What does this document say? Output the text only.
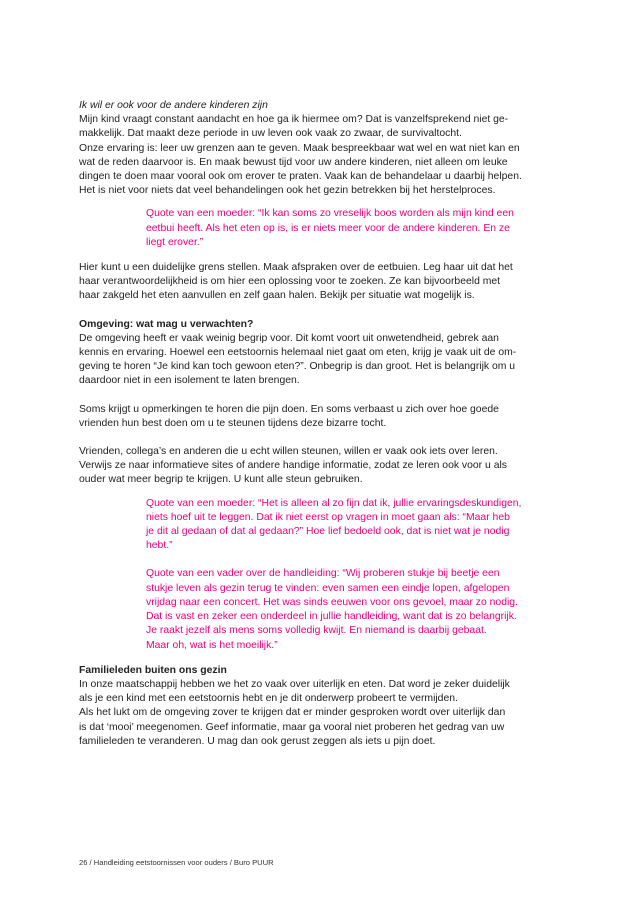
Ik wil er ook voor de andere kinderen zijn
Mijn kind vraagt constant aandacht en hoe ga ik hiermee om? Dat is vanzelfsprekend niet ge-
makkelijk. Dat maakt deze periode in uw leven ook vaak zo zwaar, de survivaltocht.
Onze ervaring is: leer uw grenzen aan te geven. Maak bespreekbaar wat wel en wat niet kan en
wat de reden daarvoor is. En maak bewust tijd voor uw andere kinderen, niet alleen om leuke
dingen te doen maar vooral ook om erover te praten. Vaak kan de behandelaar u daarbij helpen.
Het is niet voor niets dat veel behandelingen ook het gezin betrekken bij het herstelproces.
Quote van een moeder: “Ik kan soms zo vreselijk boos worden als mijn kind een
eetbui heeft. Als het eten op is, is er niets meer voor de andere kinderen. En ze
liegt erover.”
Hier kunt u een duidelijke grens stellen. Maak afspraken over de eetbuien. Leg haar uit dat het
haar verantwoordelijkheid is om hier een oplossing voor te zoeken. Ze kan bijvoorbeeld met
haar zakgeld het eten aanvullen en zelf gaan halen. Bekijk per situatie wat mogelijk is.
Omgeving: wat mag u verwachten?
De omgeving heeft er vaak weinig begrip voor. Dit komt voort uit onwetendheid, gebrek aan
kennis en ervaring. Hoewel een eetstoornis helemaal niet gaat om eten, krijg je vaak uit de om-
geving te horen “Je kind kan toch gewoon eten?”. Onbegrip is dan groot. Het is belangrijk om u
daardoor niet in een isolement te laten brengen.
Soms krijgt u opmerkingen te horen die pijn doen. En soms verbaast u zich over hoe goede
vrienden hun best doen om u te steunen tijdens deze bizarre tocht.
Vrienden, collega’s en anderen die u echt willen steunen, willen er vaak ook iets over leren.
Verwijs ze naar informatieve sites of andere handige informatie, zodat ze leren ook voor u als
ouder wat meer begrip te krijgen. U kunt alle steun gebruiken.
Quote van een moeder: “Het is alleen al zo fijn dat ik, jullie ervaringsdeskundigen,
niets hoef uit te leggen. Dat ik niet eerst op vragen in moet gaan als: “Maar heb
je dit al gedaan of dat al gedaan?” Hoe lief bedoeld ook, dat is niet wat je nodig
hebt.”
Quote van een vader over de handleiding: “Wij proberen stukje bij beetje een
stukje leven als gezin terug te vinden: even samen een eindje lopen, afgelopen
vrijdag naar een concert. Het was sinds eeuwen voor ons gevoel, maar zo nodig.
Dat is vast en zeker een onderdeel in jullie handleiding, want dat is zo belangrijk.
Je raakt jezelf als mens soms volledig kwijt. En niemand is daarbij gebaat.
Maar oh, wat is het moeilijk.”
Familieleden buiten ons gezin
In onze maatschappij hebben we het zo vaak over uiterlijk en eten. Dat word je zeker duidelijk
als je een kind met een eetstoornis hebt en je dit onderwerp probeert te vermijden.
Als het lukt om de omgeving zover te krijgen dat er minder gesproken wordt over uiterlijk dan
is dat ‘mooi’ meegenomen. Geef informatie, maar ga vooral niet proberen het gedrag van uw
familieleden te veranderen. U mag dan ook gerust zeggen als iets u pijn doet.
26 / Handleiding eetstoornissen voor ouders / Buro PUUR
